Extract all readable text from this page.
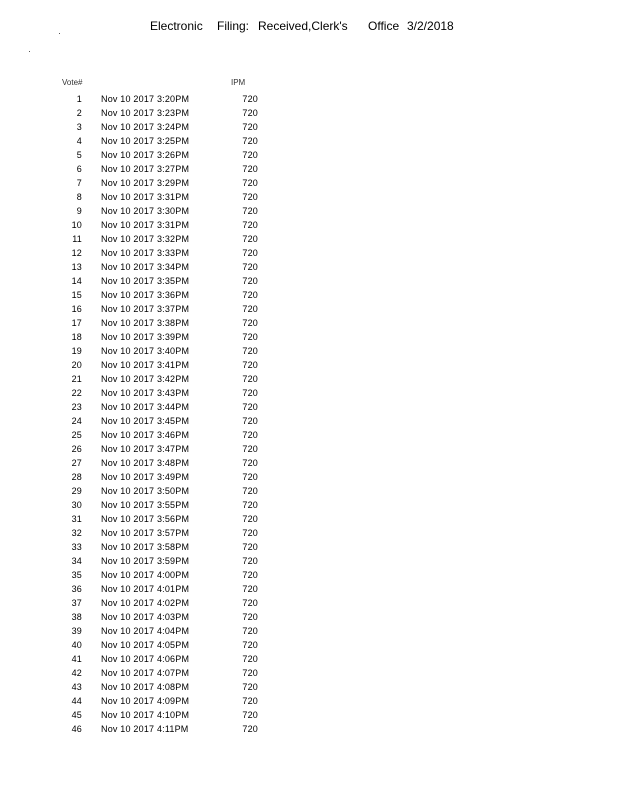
Electronic Filing: Received,Clerk's Office 3/2/2018
Vote#	IPM
1 Nov 10 2017 3:20PM	720
2 Nov 10 2017 3:23PM	720
3 Nov 10 2017 3:24PM	720
4 Nov 10 2017 3:25PM	720
5 Nov 10 2017 3:26PM	720
6 Nov 10 2017 3:27PM	720
7 Nov 10 2017 3:29PM	720
8 Nov 10 2017 3:31PM	720
9 Nov 10 2017 3:30PM	720
10 Nov 10 2017 3:31PM	720
11 Nov 10 2017 3:32PM	720
12 Nov 10 2017 3:33PM	720
13 Nov 10 2017 3:34PM	720
14 Nov 10 2017 3:35PM	720
15 Nov 10 2017 3:36PM	720
16 Nov 10 2017 3:37PM	720
17 Nov 10 2017 3:38PM	720
18 Nov 10 2017 3:39PM	720
19 Nov 10 2017 3:40PM	720
20 Nov 10 2017 3:41PM	720
21 Nov 10 2017 3:42PM	720
22 Nov 10 2017 3:43PM	720
23 Nov 10 2017 3:44PM	720
24 Nov 10 2017 3:45PM	720
25 Nov 10 2017 3:46PM	720
26 Nov 10 2017 3:47PM	720
27 Nov 10 2017 3:48PM	720
28 Nov 10 2017 3:49PM	720
29 Nov 10 2017 3:50PM	720
30 Nov 10 2017 3:55PM	720
31 Nov 10 2017 3:56PM	720
32 Nov 10 2017 3:57PM	720
33 Nov 10 2017 3:58PM	720
34 Nov 10 2017 3:59PM	720
35 Nov 10 2017 4:00PM	720
36 Nov 10 2017 4:01PM	720
37 Nov 10 2017 4:02PM	720
38 Nov 10 2017 4:03PM	720
39 Nov 10 2017 4:04PM	720
40 Nov 10 2017 4:05PM	720
41 Nov 10 2017 4:06PM	720
42 Nov 10 2017 4:07PM	720
43 Nov 10 2017 4:08PM	720
44 Nov 10 2017 4:09PM	720
45 Nov 10 2017 4:10PM	720
46 Nov 10 2017 4:11PM	720
